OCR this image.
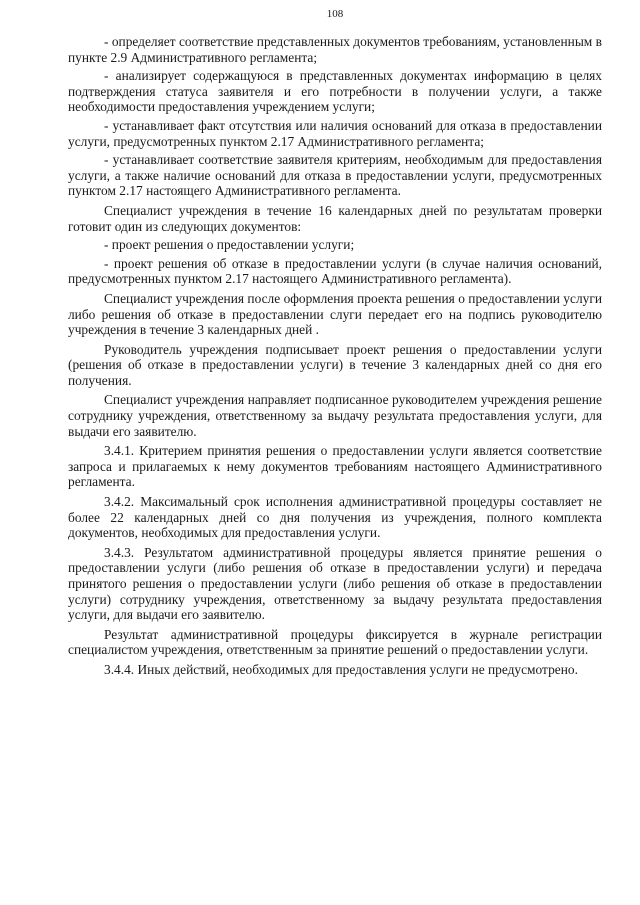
108

- определяет соответствие представленных документов требованиям, установленным в пункте 2.9 Административного регламента;

- анализирует содержащуюся в представленных документах информацию в целях подтверждения статуса заявителя и его потребности в получении услуги, а также необходимости предоставления учреждением услуги;

- устанавливает факт отсутствия или наличия оснований для отказа в предоставлении услуги, предусмотренных пунктом 2.17 Административного регламента;

- устанавливает соответствие заявителя критериям, необходимым для предоставления услуги, а также наличие оснований для отказа в предоставлении услуги, предусмотренных пунктом 2.17 настоящего Административного регламента.

Специалист учреждения в течение 16 календарных дней по результатам проверки готовит один из следующих документов:

- проект решения о предоставлении услуги;

- проект решения об отказе в предоставлении услуги (в случае наличия оснований, предусмотренных пунктом 2.17 настоящего Административного регламента).

Специалист учреждения после оформления проекта решения о предоставлении услуги либо решения об отказе в предоставлении слуги передает его на подпись руководителю учреждения в течение 3 календарных дней .

Руководитель учреждения подписывает проект решения о предоставлении услуги (решения об отказе в предоставлении услуги) в течение 3 календарных дней со дня его получения.

Специалист учреждения направляет подписанное руководителем учреждения решение сотруднику учреждения, ответственному за выдачу результата предоставления услуги, для выдачи его заявителю.

3.4.1. Критерием принятия решения о предоставлении услуги является соответствие запроса и прилагаемых к нему документов требованиям настоящего Административного регламента.

3.4.2. Максимальный срок исполнения административной процедуры составляет не более 22 календарных дней со дня получения из учреждения, полного комплекта документов, необходимых для предоставления услуги.

3.4.3. Результатом административной процедуры является принятие решения о предоставлении услуги (либо решения об отказе в предоставлении услуги) и передача принятого решения о предоставлении услуги (либо решения об отказе в предоставлении услуги) сотруднику учреждения, ответственному за выдачу результата предоставления услуги, для выдачи его заявителю.

Результат административной процедуры фиксируется в журнале регистрации специалистом учреждения, ответственным за принятие решений о предоставлении услуги.

3.4.4. Иных действий, необходимых для предоставления услуги не предусмотрено.
